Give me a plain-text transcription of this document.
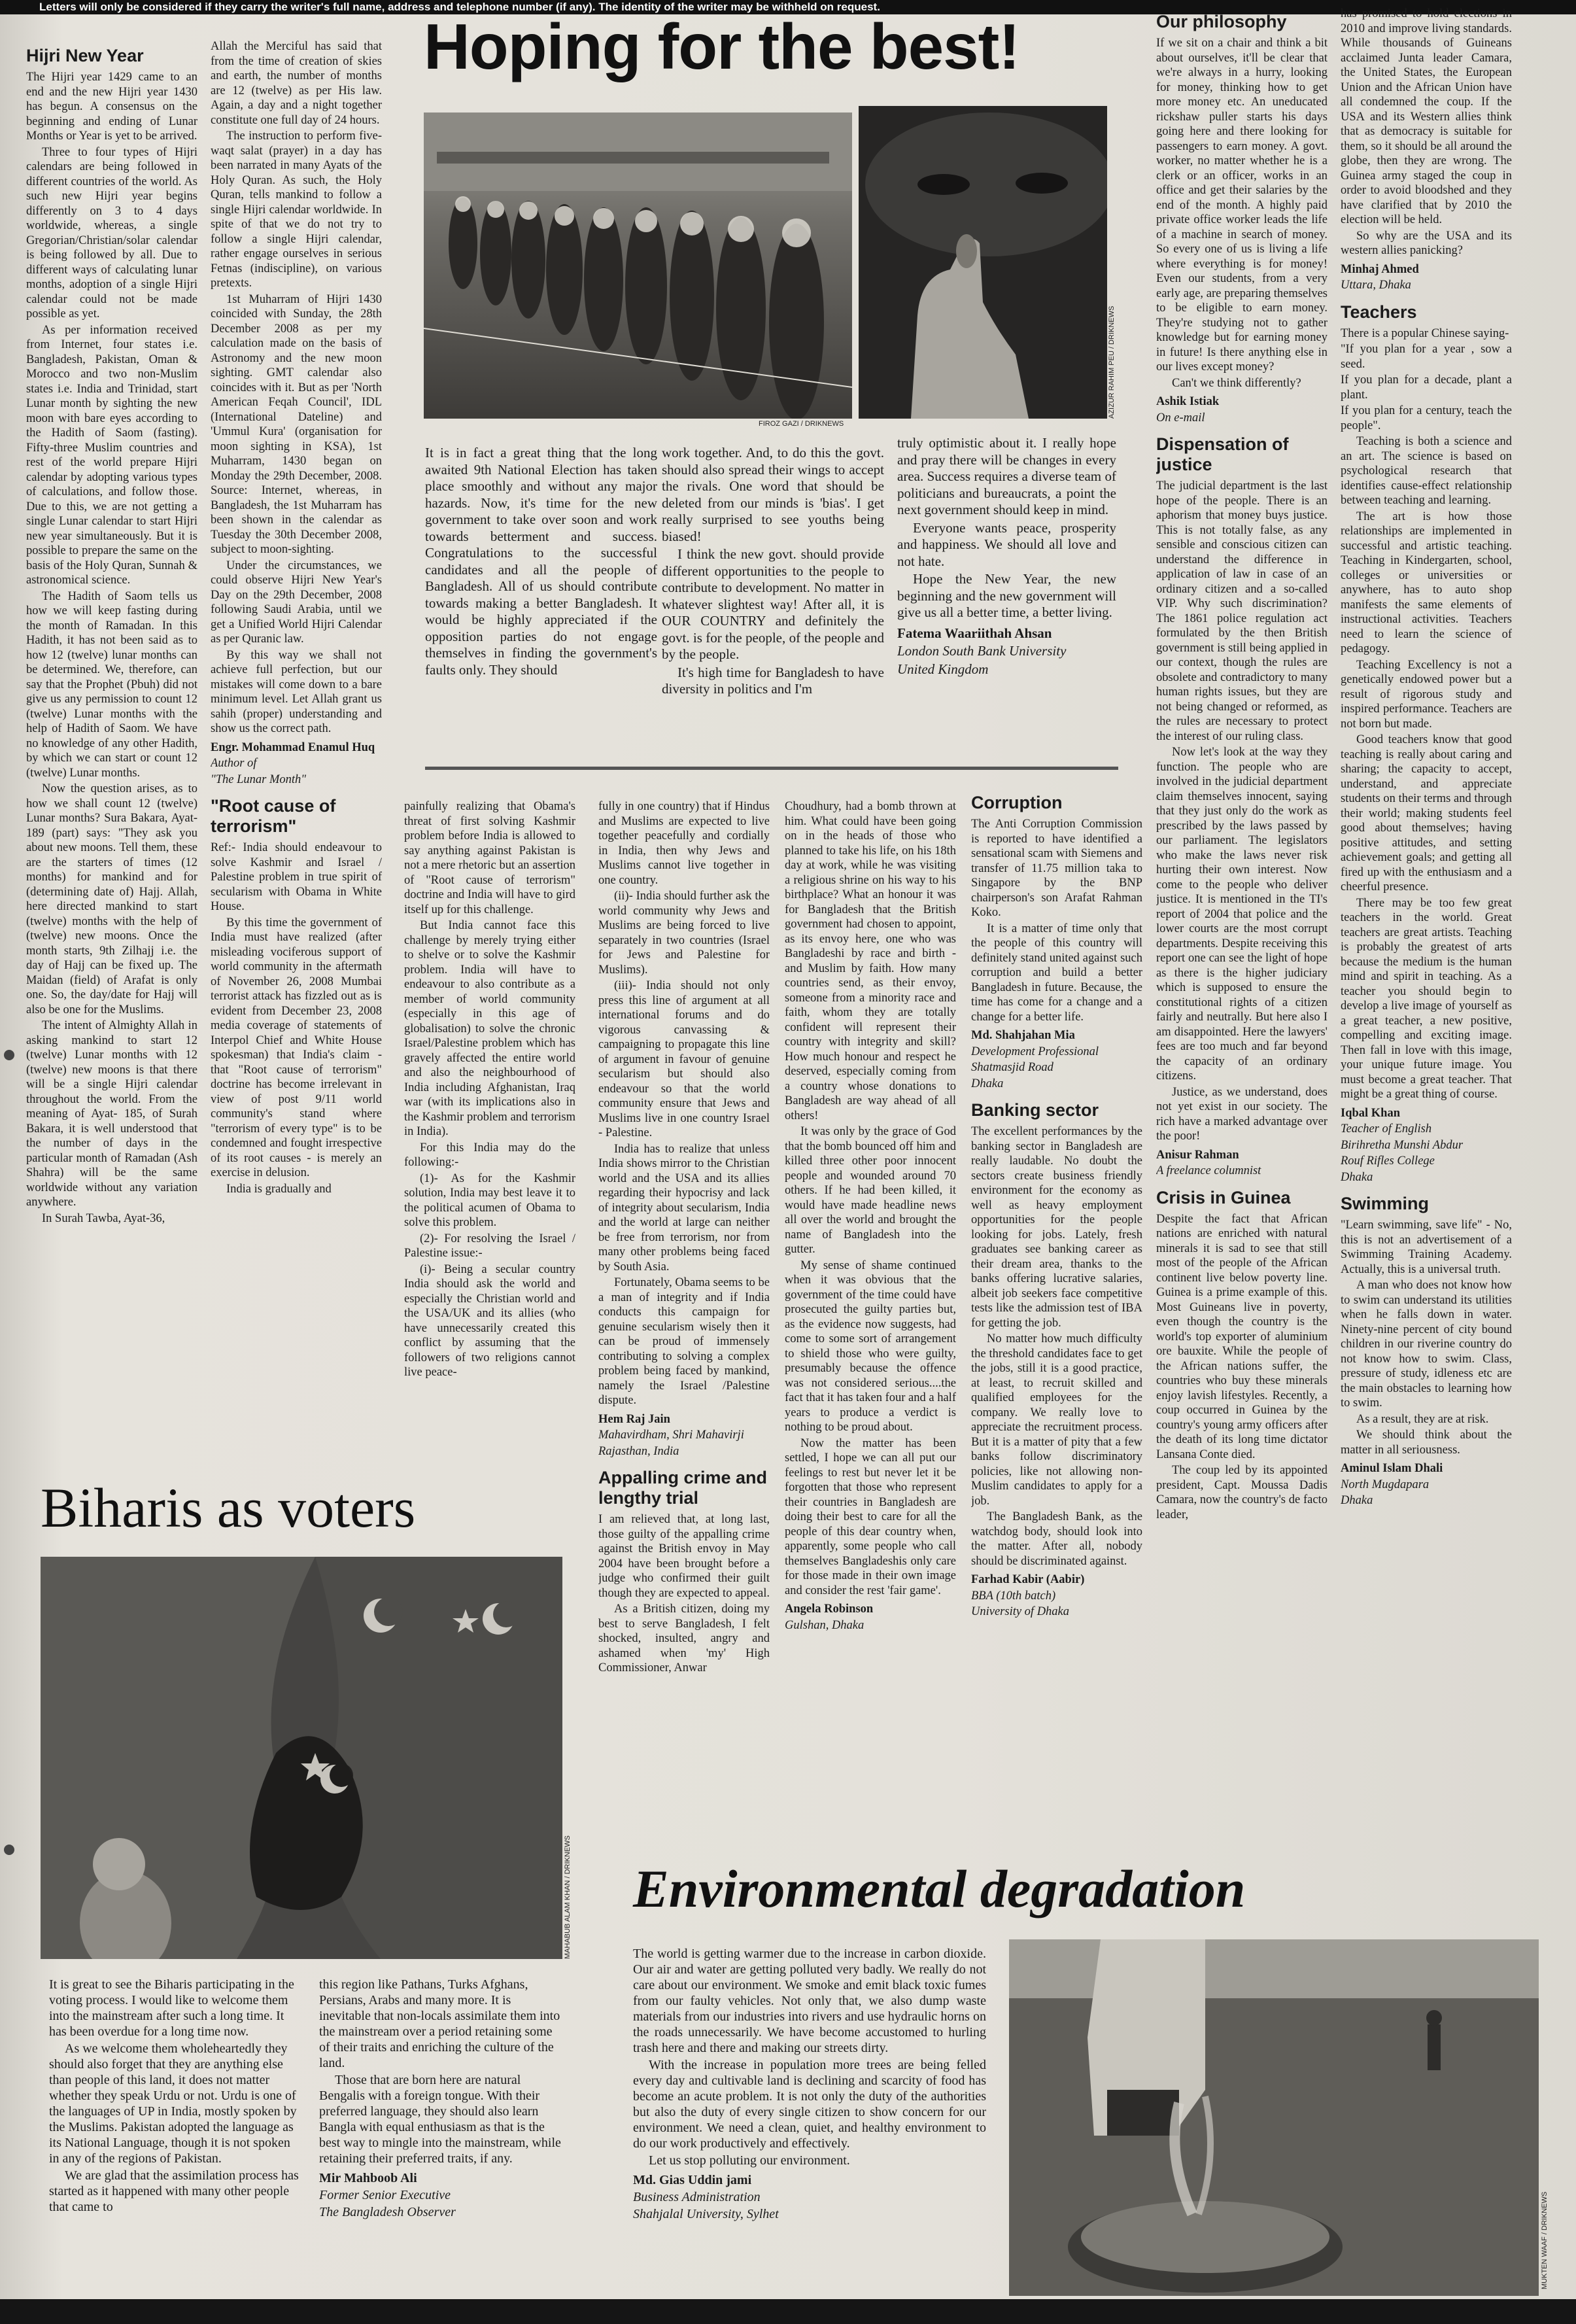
Letters will only be considered if they carry the writer's full name, address and telephone number (if any). The identity of the writer may be withheld on request.
Hijri New Year

The Hijri year 1429 came to an end and the new Hijri year 1430 has begun. A consensus on the beginning and ending of Lunar Months or Year is yet to be arrived.

Three to four types of Hijri calendars are being followed in different countries of the world. As such new Hijri year begins differently on 3 to 4 days worldwide, whereas, a single Gregorian/Christian/solar calendar is being followed by all. Due to different ways of calculating lunar months, adoption of a single Hijri calendar could not be made possible as yet.

As per information received from Internet, four states i.e. Bangladesh, Pakistan, Oman & Morocco and two non-Muslim states i.e. India and Trinidad, start Lunar month by sighting the new moon with bare eyes according to the Hadith of Saom (fasting). Fifty-three Muslim countries and rest of the world prepare Hijri calendar by adopting various types of calculations, and follow those. Due to this, we are not getting a single Lunar calendar to start Hijri new year simultaneously. But it is possible to prepare the same on the basis of the Holy Quran, Sunnah & astronomical science.

The Hadith of Saom tells us how we will keep fasting during the month of Ramadan. In this Hadith, it has not been said as to how 12 (twelve) lunar months can be determined. We, therefore, can say that the Prophet (Pbuh) did not give us any permission to count 12 (twelve) Lunar months with the help of Hadith of Saom. We have no knowledge of any other Hadith, by which we can start or count 12 (twelve) Lunar months.

Now the question arises, as to how we shall count 12 (twelve) Lunar months? Sura Bakara, Ayat-189 (part) says: "They ask you about new moons. Tell them, these are the starters of times (12 months) for mankind and for (determining date of) Hajj. Allah, here directed mankind to start (twelve) months with the help of (twelve) new moons. Once the month starts, 9th Zilhajj i.e. the day of Hajj can be fixed up. The Maidan (field) of Arafat is only one. So, the day/date for Hajj will also be one for the Muslims.

The intent of Almighty Allah in asking mankind to start 12 (twelve) Lunar months with 12 (twelve) new moons is that there will be a single Hijri calendar throughout the world. From the meaning of Ayat- 185, of Surah Bakara, it is well understood that the number of days in the particular month of Ramadan (Ash Shahra) will be the same worldwide without any variation anywhere.

In Surah Tawba, Ayat-36,

Allah the Merciful has said that from the time of creation of skies and earth, the number of months are 12 (twelve) as per His law. Again, a day and a night together constitute one full day of 24 hours.

The instruction to perform five-waqt salat (prayer) in a day has been narrated in many Ayats of the Holy Quran. As such, the Holy Quran, tells mankind to follow a single Hijri calendar worldwide. In spite of that we do not try to follow a single Hijri calendar, rather engage ourselves in serious Fetnas (indiscipline), on various pretexts.

1st Muharram of Hijri 1430 coincided with Sunday, the 28th December 2008 as per my calculation made on the basis of Astronomy and the new moon sighting. GMT calendar also coincides with it. But as per 'North American Feqah Council', IDL (International Dateline) and 'Ummul Kura' (organisation for moon sighting in KSA), 1st Muharram, 1430 began on Monday the 29th December, 2008. Source: Internet, whereas, in Bangladesh, the 1st Muharram has been shown in the calendar as Tuesday the 30th December 2008, subject to moon-sighting.

Under the circumstances, we could observe Hijri New Year's Day on the 29th December, 2008 following Saudi Arabia, until we get a Unified World Hijri Calendar as per Quranic law.

By this way we shall not achieve full perfection, but our mistakes will come down to a bare minimum level. Let Allah grant us sahih (proper) understanding and show us the correct path.

Engr. Mohammad Enamul Huq

Author of

"The Lunar Month"

"Root cause of terrorism"

Ref:- India should endeavour to solve Kashmir and Israel / Palestine problem in true spirit of secularism with Obama in White House.

By this time the government of India must have realized (after misleading vociferous support of world community in the aftermath of November 26, 2008 Mumbai terrorist attack has fizzled out as is evident from December 23, 2008 media coverage of statements of Interpol Chief and White House spokesman) that India's claim - that "Root cause of terrorism" doctrine has become irrelevant in view of post 9/11 world community's stand where "terrorism of every type" is to be condemned and fought irrespective of its root causes - is merely an exercise in delusion.

India is gradually and

Hoping for the best!
FIROZ GAZI / DRIKNEWS
AZIZUR RAHIM PEU / DRIKNEWS

It is in fact a great thing that the long awaited 9th National Election has taken place smoothly and without any major hazards. Now, it's time for the new government to take over soon and work towards betterment and success. Congratulations to the successful candidates and all the people of Bangladesh. All of us should contribute towards making a better Bangladesh. It would be highly appreciated if the opposition parties do not engage themselves in finding the government's faults only. They should

work together. And, to do this the govt. should also spread their wings to accept the rivals. One word that should be deleted from our minds is 'bias'. I get really surprised to see youths being biased!

I think the new govt. should provide different opportunities to the people to contribute to development. No matter in whatever slightest way! After all, it is OUR COUNTRY and definitely the govt. is for the people, of the people and by the people.

It's high time for Bangladesh to have diversity in politics and I'm

truly optimistic about it. I really hope and pray there will be changes in every area. Success requires a diverse team of politicians and bureaucrats, a point the next government should keep in mind.

Everyone wants peace, prosperity and happiness. We should all love and not hate.

Hope the New Year, the new beginning and the new government will give us all a better time, a better living.

Fatema Waariithah Ahsan

London South Bank University

United Kingdom

painfully realizing that Obama's threat of first solving Kashmir problem before India is allowed to say anything against Pakistan is not a mere rhetoric but an assertion of "Root cause of terrorism" doctrine and India will have to gird itself up for this challenge.

But India cannot face this challenge by merely trying either to shelve or to solve the Kashmir problem. India will have to endeavour to also contribute as a member of world community (especially in this age of globalisation) to solve the chronic Israel/Palestine problem which has gravely affected the entire world and also the neighbourhood of India including Afghanistan, Iraq war (with its implications also in the Kashmir problem and terrorism in India).

For this India may do the following:-

(1)- As for the Kashmir solution, India may best leave it to the political acumen of Obama to solve this problem.

(2)- For resolving the Israel / Palestine issue:-

(i)- Being a secular country India should ask the world and especially the Christian world and the USA/UK and its allies (who have unnecessarily created this conflict by assuming that the followers of two religions cannot live peace-

fully in one country) that if Hindus and Muslims are expected to live together peacefully and cordially in India, then why Jews and Muslims cannot live together in one country.

(ii)- India should further ask the world community why Jews and Muslims are being forced to live separately in two countries (Israel for Jews and Palestine for Muslims).

(iii)- India should not only press this line of argument at all international forums and do vigorous canvassing & campaigning to propagate this line of argument in favour of genuine secularism but should also endeavour so that the world community ensure that Jews and Muslims live in one country Israel - Palestine.

India has to realize that unless India shows mirror to the Christian world and the USA and its allies regarding their hypocrisy and lack of integrity about secularism, India and the world at large can neither be free from terrorism, nor from many other problems being faced by South Asia.

Fortunately, Obama seems to be a man of integrity and if India conducts this campaign for genuine secularism wisely then it can be proud of immensely contributing to solving a complex problem being faced by mankind, namely the Israel /Palestine dispute.

Hem Raj Jain

Mahavirdham, Shri Mahavirji

Rajasthan, India

Appalling crime and lengthy trial

I am relieved that, at long last, those guilty of the appalling crime against the British envoy in May 2004 have been brought before a judge who confirmed their guilt though they are expected to appeal.

As a British citizen, doing my best to serve Bangladesh, I felt shocked, insulted, angry and ashamed when 'my' High Commissioner, Anwar

Choudhury, had a bomb thrown at him. What could have been going on in the heads of those who planned to take his life, on his 18th day at work, while he was visiting a religious shrine on his way to his birthplace? What an honour it was for Bangladesh that the British government had chosen to appoint, as its envoy here, one who was Bangladeshi by race and birth - and Muslim by faith. How many countries send, as their envoy, someone from a minority race and faith, whom they are totally confident will represent their country with integrity and skill? How much honour and respect he deserved, especially coming from a country whose donations to Bangladesh are way ahead of all others!

It was only by the grace of God that the bomb bounced off him and killed three other poor innocent people and wounded around 70 others. If he had been killed, it would have made headline news all over the world and brought the name of Bangladesh into the gutter.

My sense of shame continued when it was obvious that the government of the time could have prosecuted the guilty parties but, as the evidence now suggests, had come to some sort of arrangement to shield those who were guilty, presumably because the offence was not considered serious....the fact that it has taken four and a half years to produce a verdict is nothing to be proud about.

Now the matter has been settled, I hope we can all put our feelings to rest but never let it be forgotten that those who represent their countries in Bangladesh are doing their best to care for all the people of this dear country when, apparently, some people who call themselves Bangladeshis only care for those made in their own image and consider the rest 'fair game'.

Angela Robinson

Gulshan, Dhaka

Corruption

The Anti Corruption Commission is reported to have identified a sensational scam with Siemens and transfer of 11.75 million taka to Singapore by the BNP chairperson's son Arafat Rahman Koko.

It is a matter of time only that the people of this country will definitely stand united against such corruption and build a better Bangladesh in future. Because, the time has come for a change and a change for a better life.

Md. Shahjahan Mia

Development Professional

Shatmasjid Road

Dhaka

Banking sector

The excellent performances by the banking sector in Bangladesh are really laudable. No doubt the sectors create business friendly environment for the economy as well as heavy employment opportunities for the people looking for jobs. Lately, fresh graduates see banking career as their dream area, thanks to the banks offering lucrative salaries, albeit job seekers face competitive tests like the admission test of IBA for getting the job.

No matter how much difficulty the threshold candidates face to get the jobs, still it is a good practice, at least, to recruit skilled and qualified employees for the company. We really love to appreciate the recruitment process. But it is a matter of pity that a few banks follow discriminatory policies, like not allowing non-Muslim candidates to apply for a job.

The Bangladesh Bank, as the watchdog body, should look into the matter. After all, nobody should be discriminated against.

Farhad Kabir (Aabir)

BBA (10th batch)

University of Dhaka

Our philosophy

If we sit on a chair and think a bit about ourselves, it'll be clear that we're always in a hurry, looking for money, thinking how to get more money etc. An uneducated rickshaw puller starts his days going here and there looking for passengers to earn money. A govt. worker, no matter whether he is a clerk or an officer, works in an office and get their salaries by the end of the month. A highly paid private office worker leads the life of a machine in search of money. So every one of us is living a life where everything is for money! Even our students, from a very early age, are preparing themselves to be eligible to earn money. They're studying not to gather knowledge but for earning money in future! Is there anything else in our lives except money?

Can't we think differently?

Ashik Istiak

On e-mail

Dispensation of justice

The judicial department is the last hope of the people. There is an aphorism that money buys justice. This is not totally false, as any sensible and conscious citizen can understand the difference in application of law in case of an ordinary citizen and a so-called VIP. Why such discrimination? The 1861 police regulation act formulated by the then British government is still being applied in our context, though the rules are obsolete and contradictory to many human rights issues, but they are not being changed or reformed, as the rules are necessary to protect the interest of our ruling class.

Now let's look at the way they function. The people who are involved in the judicial department claim themselves innocent, saying that they just only do the work as prescribed by the laws passed by our parliament. The legislators who make the laws never risk hurting their own interest. Now come to the people who deliver justice. It is mentioned in the TI's report of 2004 that police and the lower courts are the most corrupt departments. Despite receiving this report one can see the light of hope as there is the higher judiciary which is supposed to ensure the constitutional rights of a citizen fairly and neutrally. But here also I am disappointed. Here the lawyers' fees are too much and far beyond the capacity of an ordinary citizens.

Justice, as we understand, does not yet exist in our society. The rich have a marked advantage over the poor!

Anisur Rahman

A freelance columnist

Crisis in Guinea

Despite the fact that African nations are enriched with natural minerals it is sad to see that still most of the people of the African continent live below poverty line. Guinea is a prime example of this. Most Guineans live in poverty, even though the country is the world's top exporter of aluminium ore bauxite. While the people of the African nations suffer, the countries who buy these minerals enjoy lavish lifestyles. Recently, a coup occurred in Guinea by the country's young army officers after the death of its long time dictator Lansana Conte died.

The coup led by its appointed president, Capt. Moussa Dadis Camara, now the country's de facto leader,

has promised to hold elections in 2010 and improve living standards. While thousands of Guineans acclaimed Junta leader Camara, the United States, the European Union and the African Union have all condemned the coup. If the USA and its Western allies think that as democracy is suitable for them, so it should be all around the globe, then they are wrong. The Guinea army staged the coup in order to avoid bloodshed and they have clarified that by 2010 the election will be held.

So why are the USA and its western allies panicking?

Minhaj Ahmed

Uttara, Dhaka

Teachers

There is a popular Chinese saying-

"If you plan for a year , sow a seed.

If you plan for a decade, plant a plant.

If you plan for a century, teach the people".

Teaching is both a science and an art. The science is based on psychological research that identifies cause-effect relationship between teaching and learning.

The art is how those relationships are implemented in successful and artistic teaching. Teaching in Kindergarten, school, colleges or universities or anywhere, has to auto shop manifests the same elements of instructional activities. Teachers need to learn the science of pedagogy.

Teaching Excellency is not a genetically endowed power but a result of rigorous study and inspired performance. Teachers are not born but made.

Good teachers know that good teaching is really about caring and sharing; the capacity to accept, understand, and appreciate students on their terms and through their world; making students feel good about themselves; having positive attitudes, and setting achievement goals; and getting all fired up with the enthusiasm and a cheerful presence.

There may be too few great teachers in the world. Great teachers are great artists. Teaching is probably the greatest of arts because the medium is the human mind and spirit in teaching. As a teacher you should begin to develop a live image of yourself as a great teacher, a new positive, compelling and exciting image. Then fall in love with this image, your unique future image. You must become a great teacher. That might be a great thing of course.

Iqbal Khan

Teacher of English

Birihretha Munshi Abdur

Rouf Rifles College

Dhaka

Swimming

"Learn swimming, save life" - No, this is not an advertisement of a Swimming Training Academy. Actually, this is a universal truth.

A man who does not know how to swim can understand its utilities when he falls down in water. Ninety-nine percent of city bound children in our riverine country do not know how to swim. Class, pressure of study, idleness etc are the main obstacles to learning how to swim.

As a result, they are at risk.

We should think about the matter in all seriousness.

Aminul Islam Dhali

North Mugdapara

Dhaka

Biharis as voters
MAHABUB ALAM KHAN / DRIKNEWS

It is great to see the Biharis participating in the voting process. I would like to welcome them into the mainstream after such a long time. It has been overdue for a long time now.

As we welcome them wholeheartedly they should also forget that they are anything else than people of this land, it does not matter whether they speak Urdu or not. Urdu is one of the languages of UP in India, mostly spoken by the Muslims. Pakistan adopted the language as its National Language, though it is not spoken in any of the regions of Pakistan.

We are glad that the assimilation process has started as it happened with many other people that came to

this region like Pathans, Turks Afghans, Persians, Arabs and many more. It is inevitable that non-locals assimilate them into the mainstream over a period retaining some of their traits and enriching the culture of the land.

Those that are born here are natural Bengalis with a foreign tongue. With their preferred language, they should also learn Bangla with equal enthusiasm as that is the best way to mingle into the mainstream, while retaining their preferred traits, if any.

Mir Mahboob Ali

Former Senior Executive

The Bangladesh Observer

Environmental degradation

The world is getting warmer due to the increase in carbon dioxide. Our air and water are getting polluted very badly. We really do not care about our environment. We smoke and emit black toxic fumes from our faulty vehicles. Not only that, we also dump waste materials from our industries into rivers and use hydraulic horns on the roads unnecessarily. We have become accustomed to hurling trash here and there and making our streets dirty.

With the increase in population more trees are being felled every day and cultivable land is declining and scarcity of food has become an acute problem. It is not only the duty of the authorities but also the duty of every single citizen to show concern for our environment. We need a clean, quiet, and healthy environment to do our work productively and effectively.

Let us stop polluting our environment.

Md. Gias Uddin jami

Business Administration

Shahjalal University, Sylhet	MUKTEN WAAF / DRIKNEWS
